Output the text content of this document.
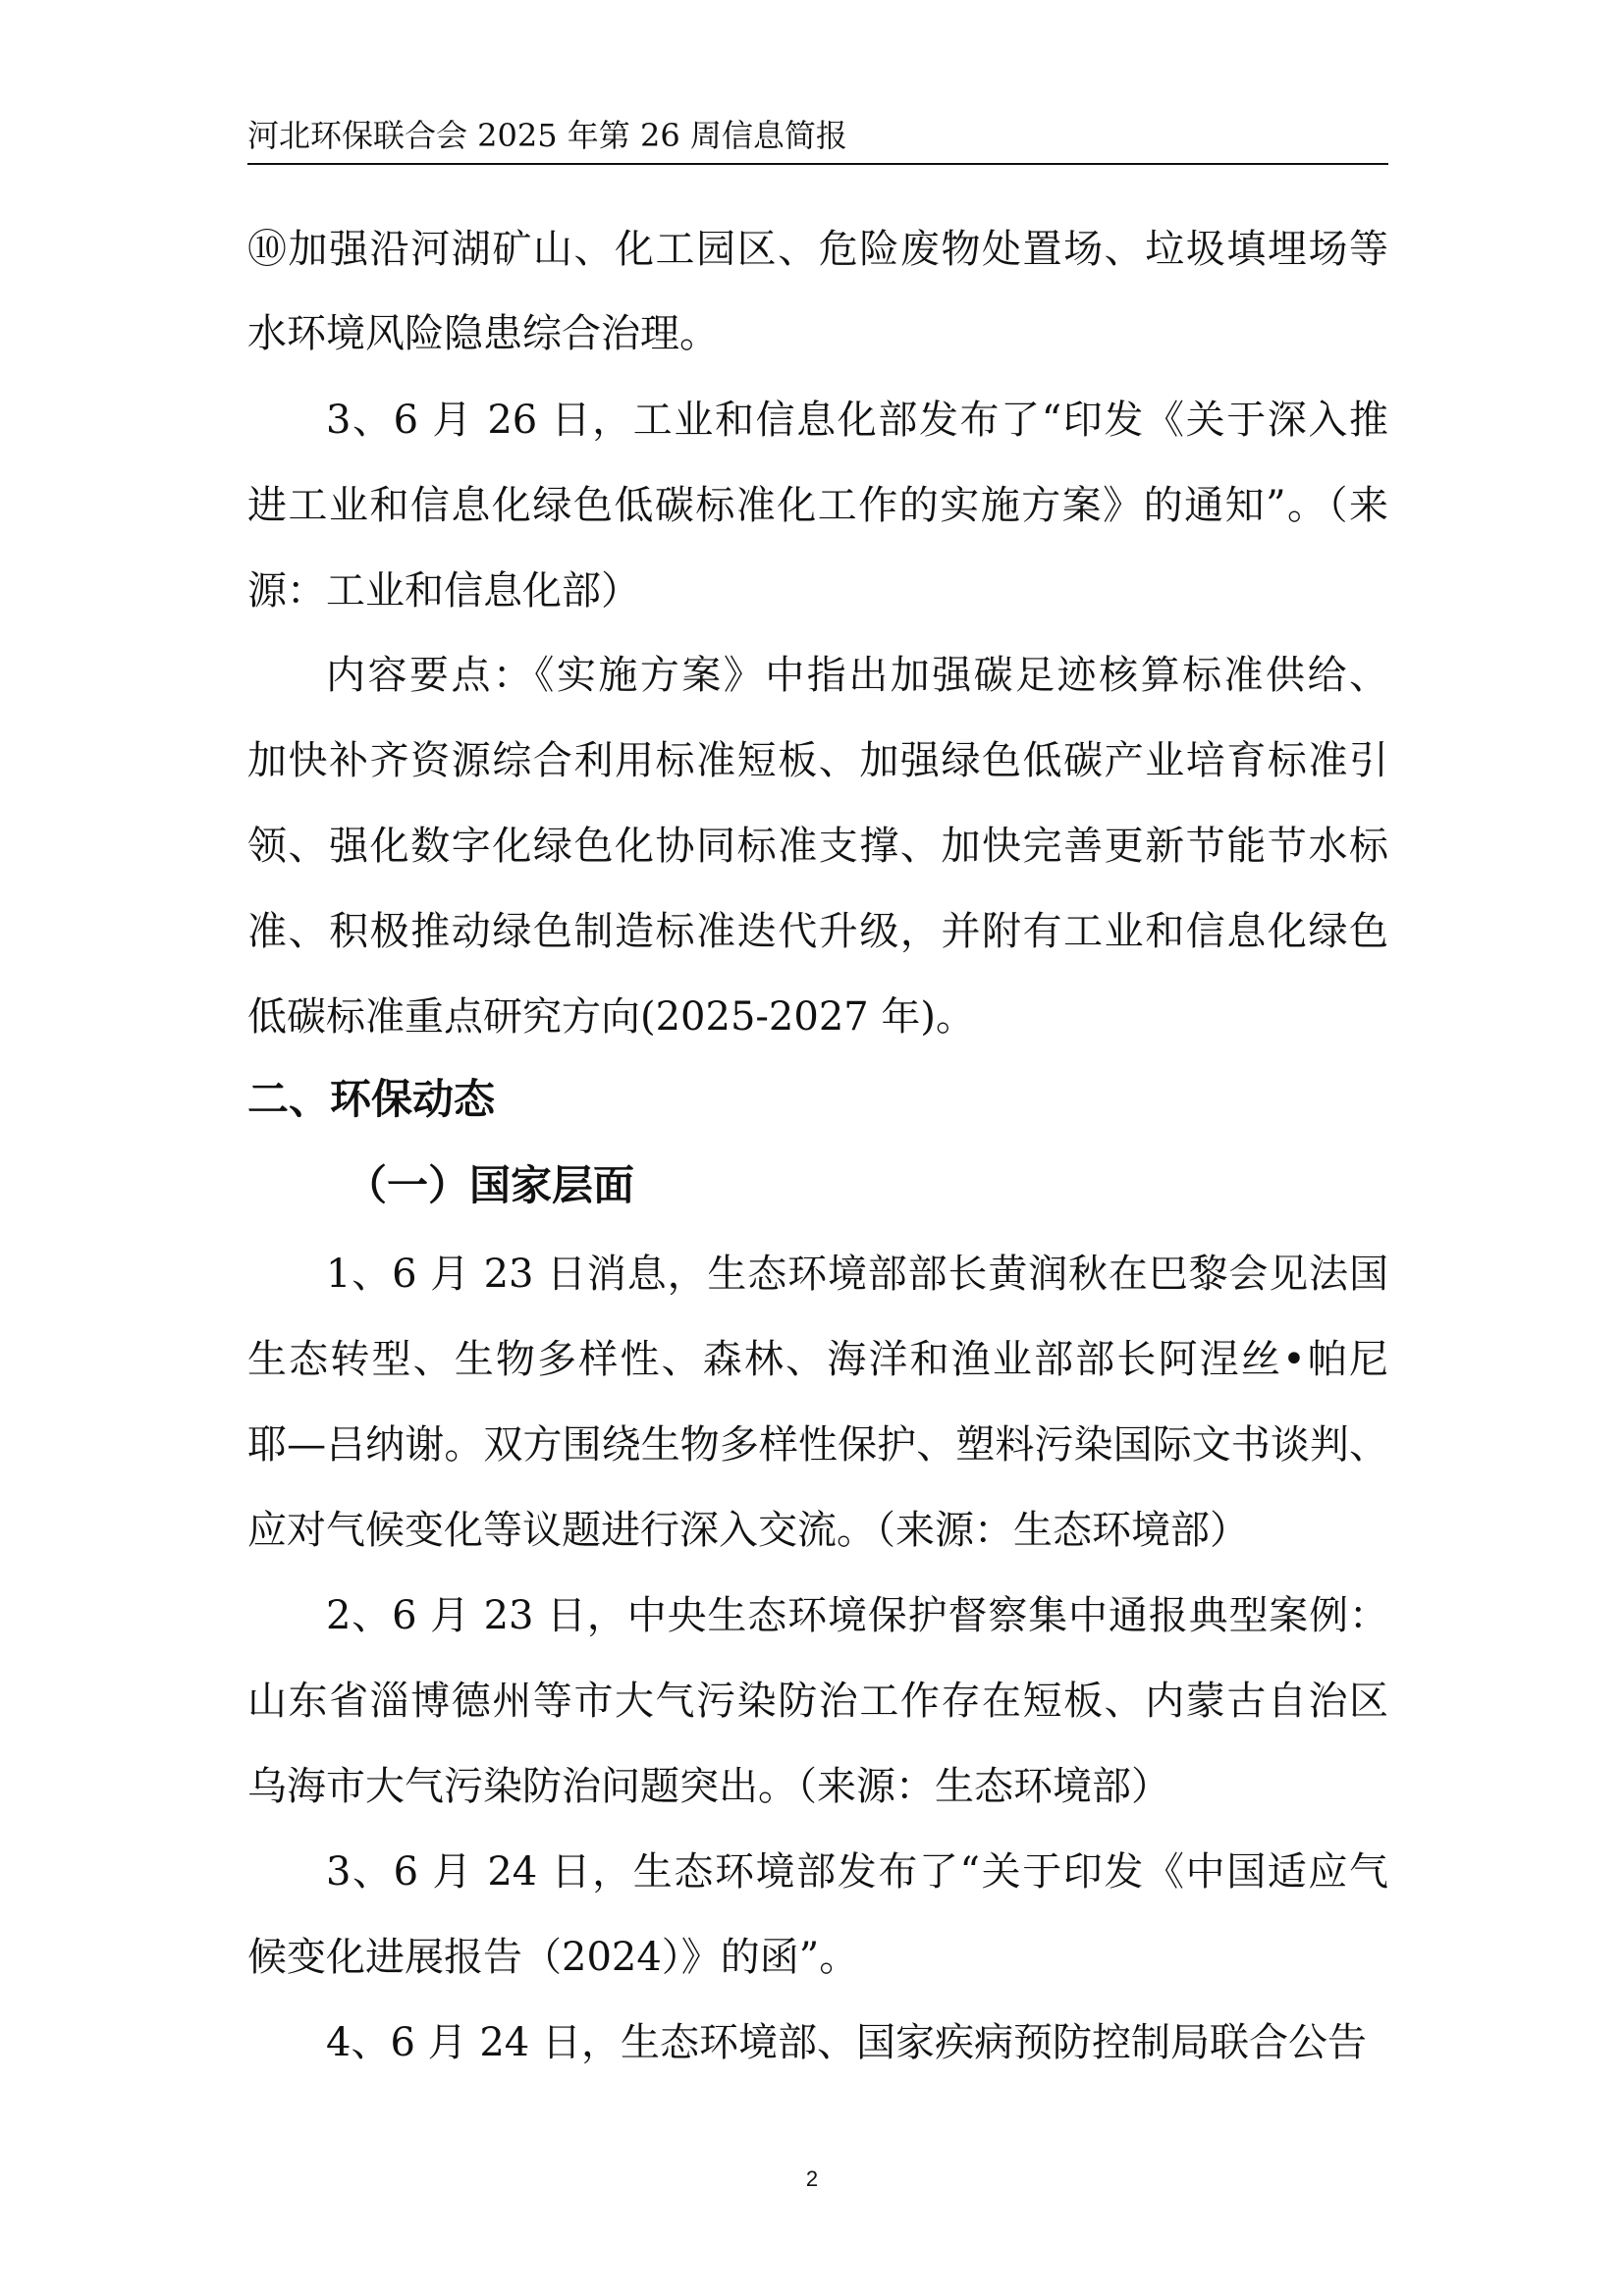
河北环保联合会 2025 年第 26 周信息简报
⑩加强沿河湖矿山、化工园区、危险废物处置场、垃圾填埋场等
水环境风险隐患综合治理。
3、6 月 26 日，工业和信息化部发布了“印发《关于深入推
进工业和信息化绿色低碳标准化工作的实施方案》的通知”。（来
源：工业和信息化部）
内容要点：《实施方案》中指出加强碳足迹核算标准供给、
加快补齐资源综合利用标准短板、加强绿色低碳产业培育标准引
领、强化数字化绿色化协同标准支撑、加快完善更新节能节水标
准、积极推动绿色制造标准迭代升级，并附有工业和信息化绿色
低碳标准重点研究方向(2025-2027 年)。
二、环保动态
（一）国家层面
1、6 月 23 日消息，生态环境部部长黄润秋在巴黎会见法国
生态转型、生物多样性、森林、海洋和渔业部部长阿涅丝•帕尼
耶—吕纳谢。双方围绕生物多样性保护、塑料污染国际文书谈判、
应对气候变化等议题进行深入交流。（来源：生态环境部）
2、6 月 23 日，中央生态环境保护督察集中通报典型案例：
山东省淄博德州等市大气污染防治工作存在短板、内蒙古自治区
乌海市大气污染防治问题突出。（来源：生态环境部）
3、6 月 24 日，生态环境部发布了“关于印发《中国适应气
候变化进展报告（2024）》的函”。
4、6 月 24 日，生态环境部、国家疾病预防控制局联合公告
2
